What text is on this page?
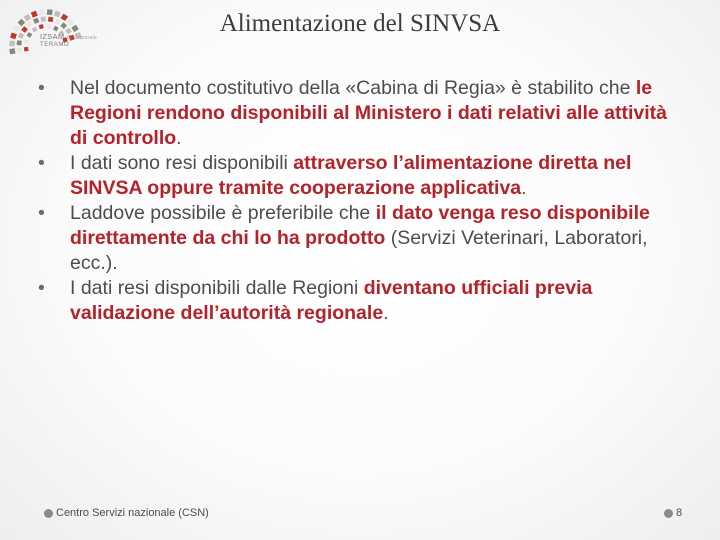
IZSAM G. Caporale
TERAMO
Alimentazione del SINVSA
• Nel documento costitutivo della «Cabina di Regia» è stabilito che le Regioni rendono disponibili al Ministero i dati relativi alle attività di controllo.
• I dati sono resi disponibili attraverso l’alimentazione diretta nel SINVSA oppure tramite cooperazione applicativa.
• Laddove possibile è preferibile che il dato venga reso disponibile direttamente da chi lo ha prodotto (Servizi Veterinari, Laboratori, ecc.).
• I dati resi disponibili dalle Regioni diventano ufficiali previa validazione dell’autorità regionale.
Centro Servizi nazionale (CSN)	8
